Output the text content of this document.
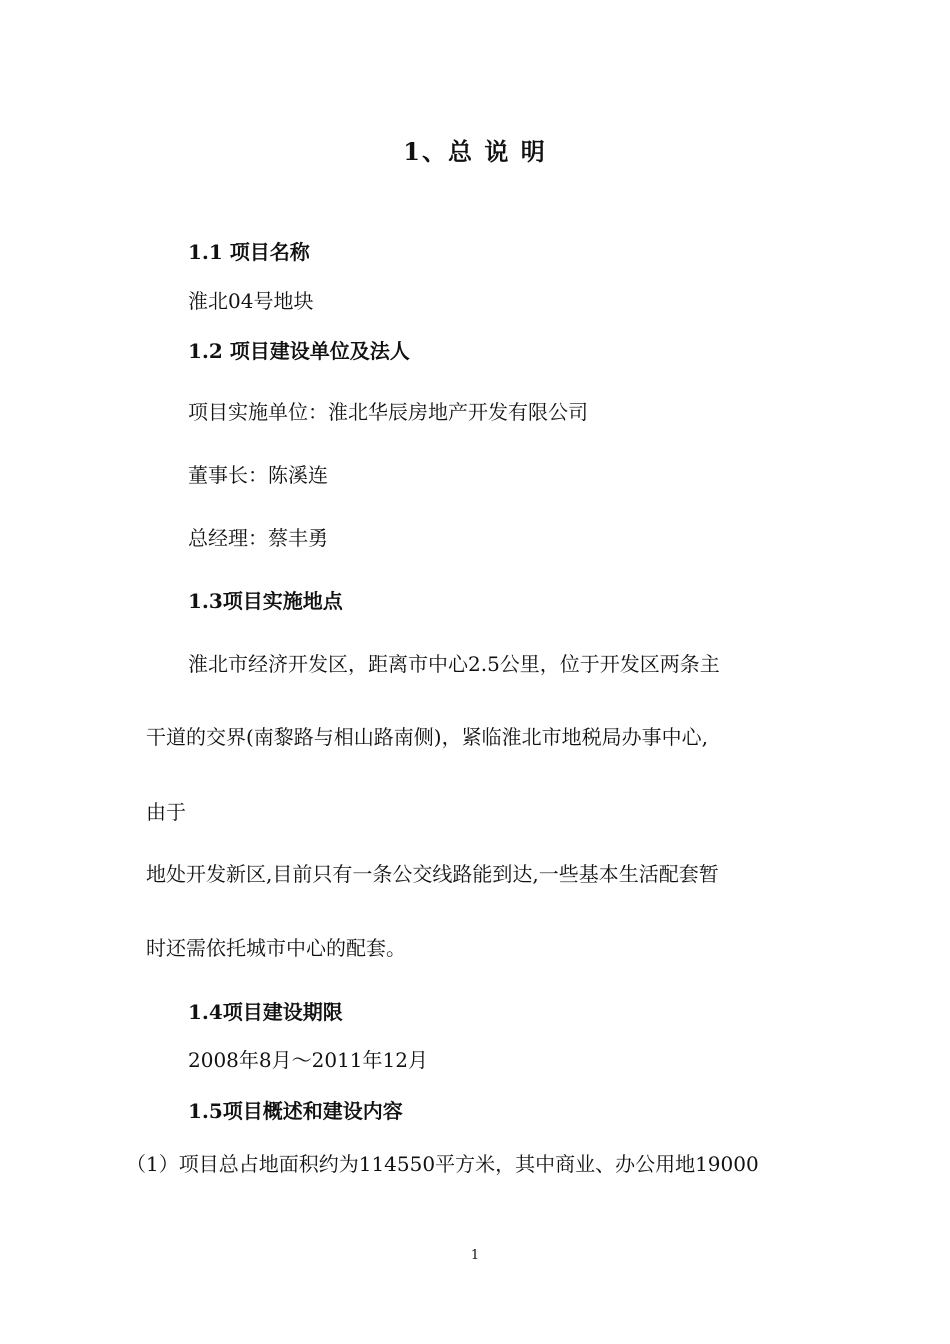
1、总 说 明
1.1 项目名称
淮北04号地块
1.2 项目建设单位及法人
项目实施单位：淮北华辰房地产开发有限公司
董事长：陈溪连
总经理：蔡丰勇
1.3项目实施地点
淮北市经济开发区，距离市中心2.5公里，位于开发区两条主
干道的交界(南黎路与相山路南侧)，紧临淮北市地税局办事中心,
由于
地处开发新区,目前只有一条公交线路能到达,一些基本生活配套暂
时还需依托城市中心的配套。
1.4项目建设期限
2008年8月～2011年12月
1.5项目概述和建设内容
（1）项目总占地面积约为114550平方米，其中商业、办公用地19000
1
